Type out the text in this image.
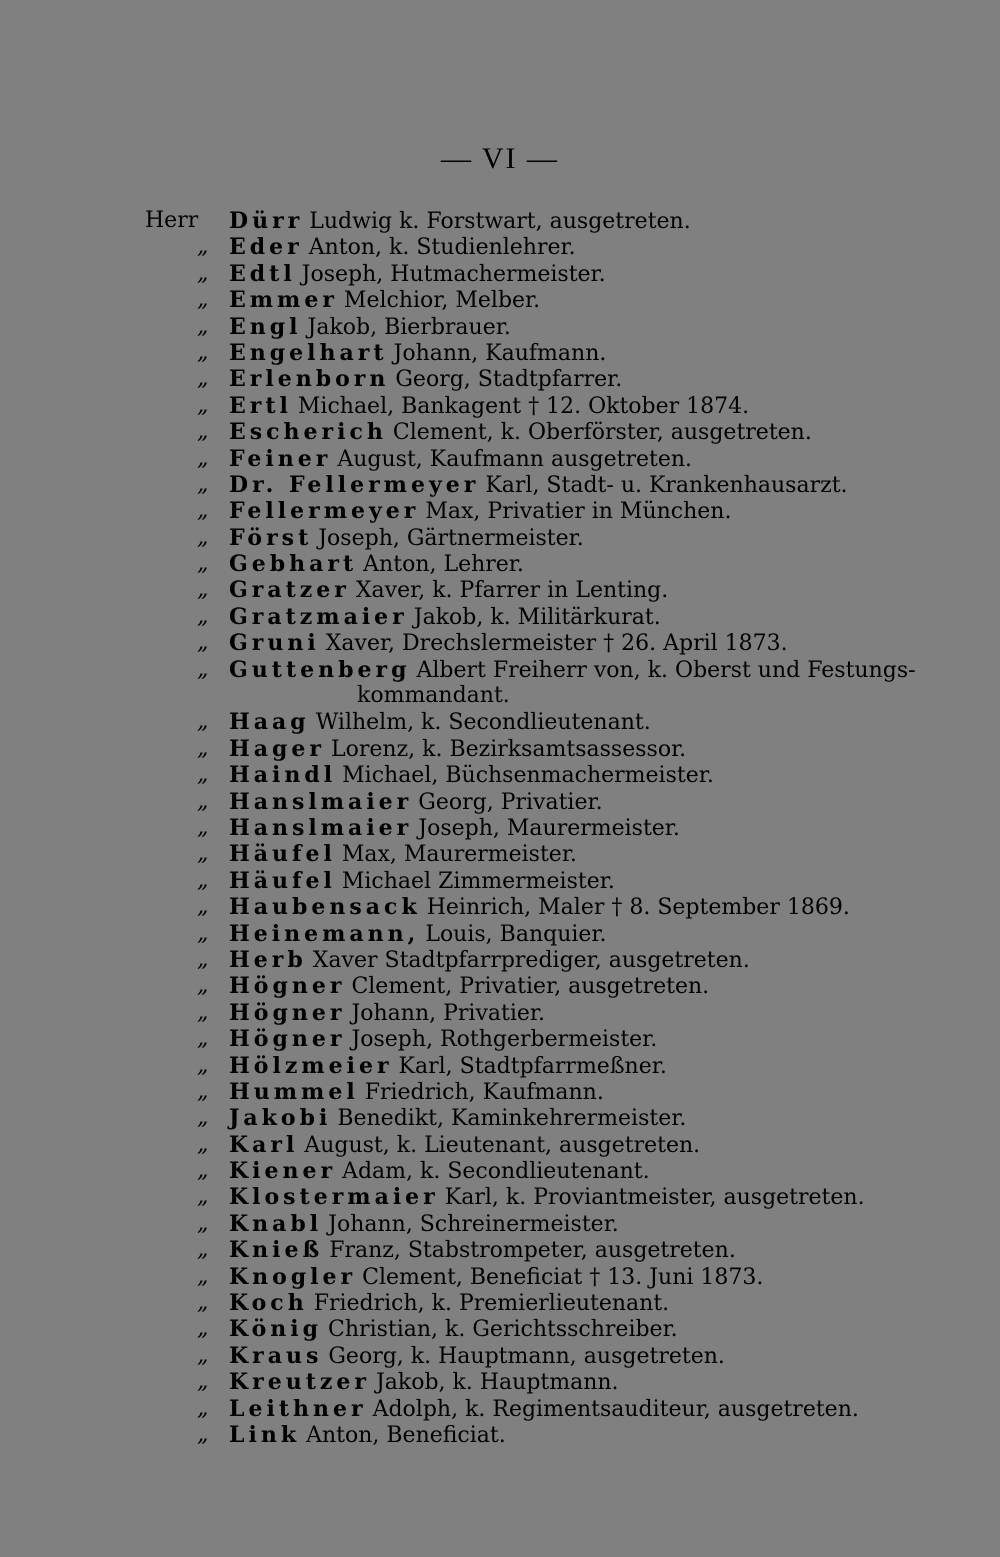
— VI —
Herr	Dürr Ludwig k. Forstwart, ausgetreten.
„ Eder Anton, k. Studienlehrer.
„ Edtl Joseph, Hutmachermeister.
„ Emmer Melchior, Melber.
„ Engl Jakob, Bierbrauer.
„ Engelhart Johann, Kaufmann.
„ Erlenborn Georg, Stadtpfarrer.
„ Ertl Michael, Bankagent † 12. Oktober 1874.
„ Escherich Clement, k. Oberförster, ausgetreten.
„ Feiner August, Kaufmann ausgetreten.
„ Dr. Fellermeyer Karl, Stadt- u. Krankenhausarzt.
„ Fellermeyer Max, Privatier in München.
„ Först Joseph, Gärtnermeister.
„ Gebhart Anton, Lehrer.
„ Gratzer Xaver, k. Pfarrer in Lenting.
„ Gratzmaier Jakob, k. Militärkurat.
„ Gruni Xaver, Drechslermeister † 26. April 1873.
„ Guttenberg Albert Freiherr von, k. Oberst und Festungs-
kommandant.
„ Haag Wilhelm, k. Secondlieutenant.
„ Hager Lorenz, k. Bezirksamtsassessor.
„ Haindl Michael, Büchsenmachermeister.
„ Hanslmaier Georg, Privatier.
„ Hanslmaier Joseph, Maurermeister.
„ Häufel Max, Maurermeister.
„ Häufel Michael Zimmermeister.
„ Haubensack Heinrich, Maler † 8. September 1869.
„ Heinemann, Louis, Banquier.
„ Herb Xaver Stadtpfarrprediger, ausgetreten.
„ Högner Clement, Privatier, ausgetreten.
„ Högner Johann, Privatier.
„ Högner Joseph, Rothgerbermeister.
„ Hölzmeier Karl, Stadtpfarrmeßner.
„ Hummel Friedrich, Kaufmann.
„ Jakobi Benedikt, Kaminkehrermeister.
„ Karl August, k. Lieutenant, ausgetreten.
„ Kiener Adam, k. Secondlieutenant.
„ Klostermaier Karl, k. Proviantmeister, ausgetreten.
„ Knabl Johann, Schreinermeister.
„ Knieß Franz, Stabstrompeter, ausgetreten.
„ Knogler Clement, Beneficiat † 13. Juni 1873.
„ Koch Friedrich, k. Premierlieutenant.
„ König Christian, k. Gerichtsschreiber.
„ Kraus Georg, k. Hauptmann, ausgetreten.
„ Kreutzer Jakob, k. Hauptmann.
„ Leithner Adolph, k. Regimentsauditeur, ausgetreten.
„ Link Anton, Beneficiat.
